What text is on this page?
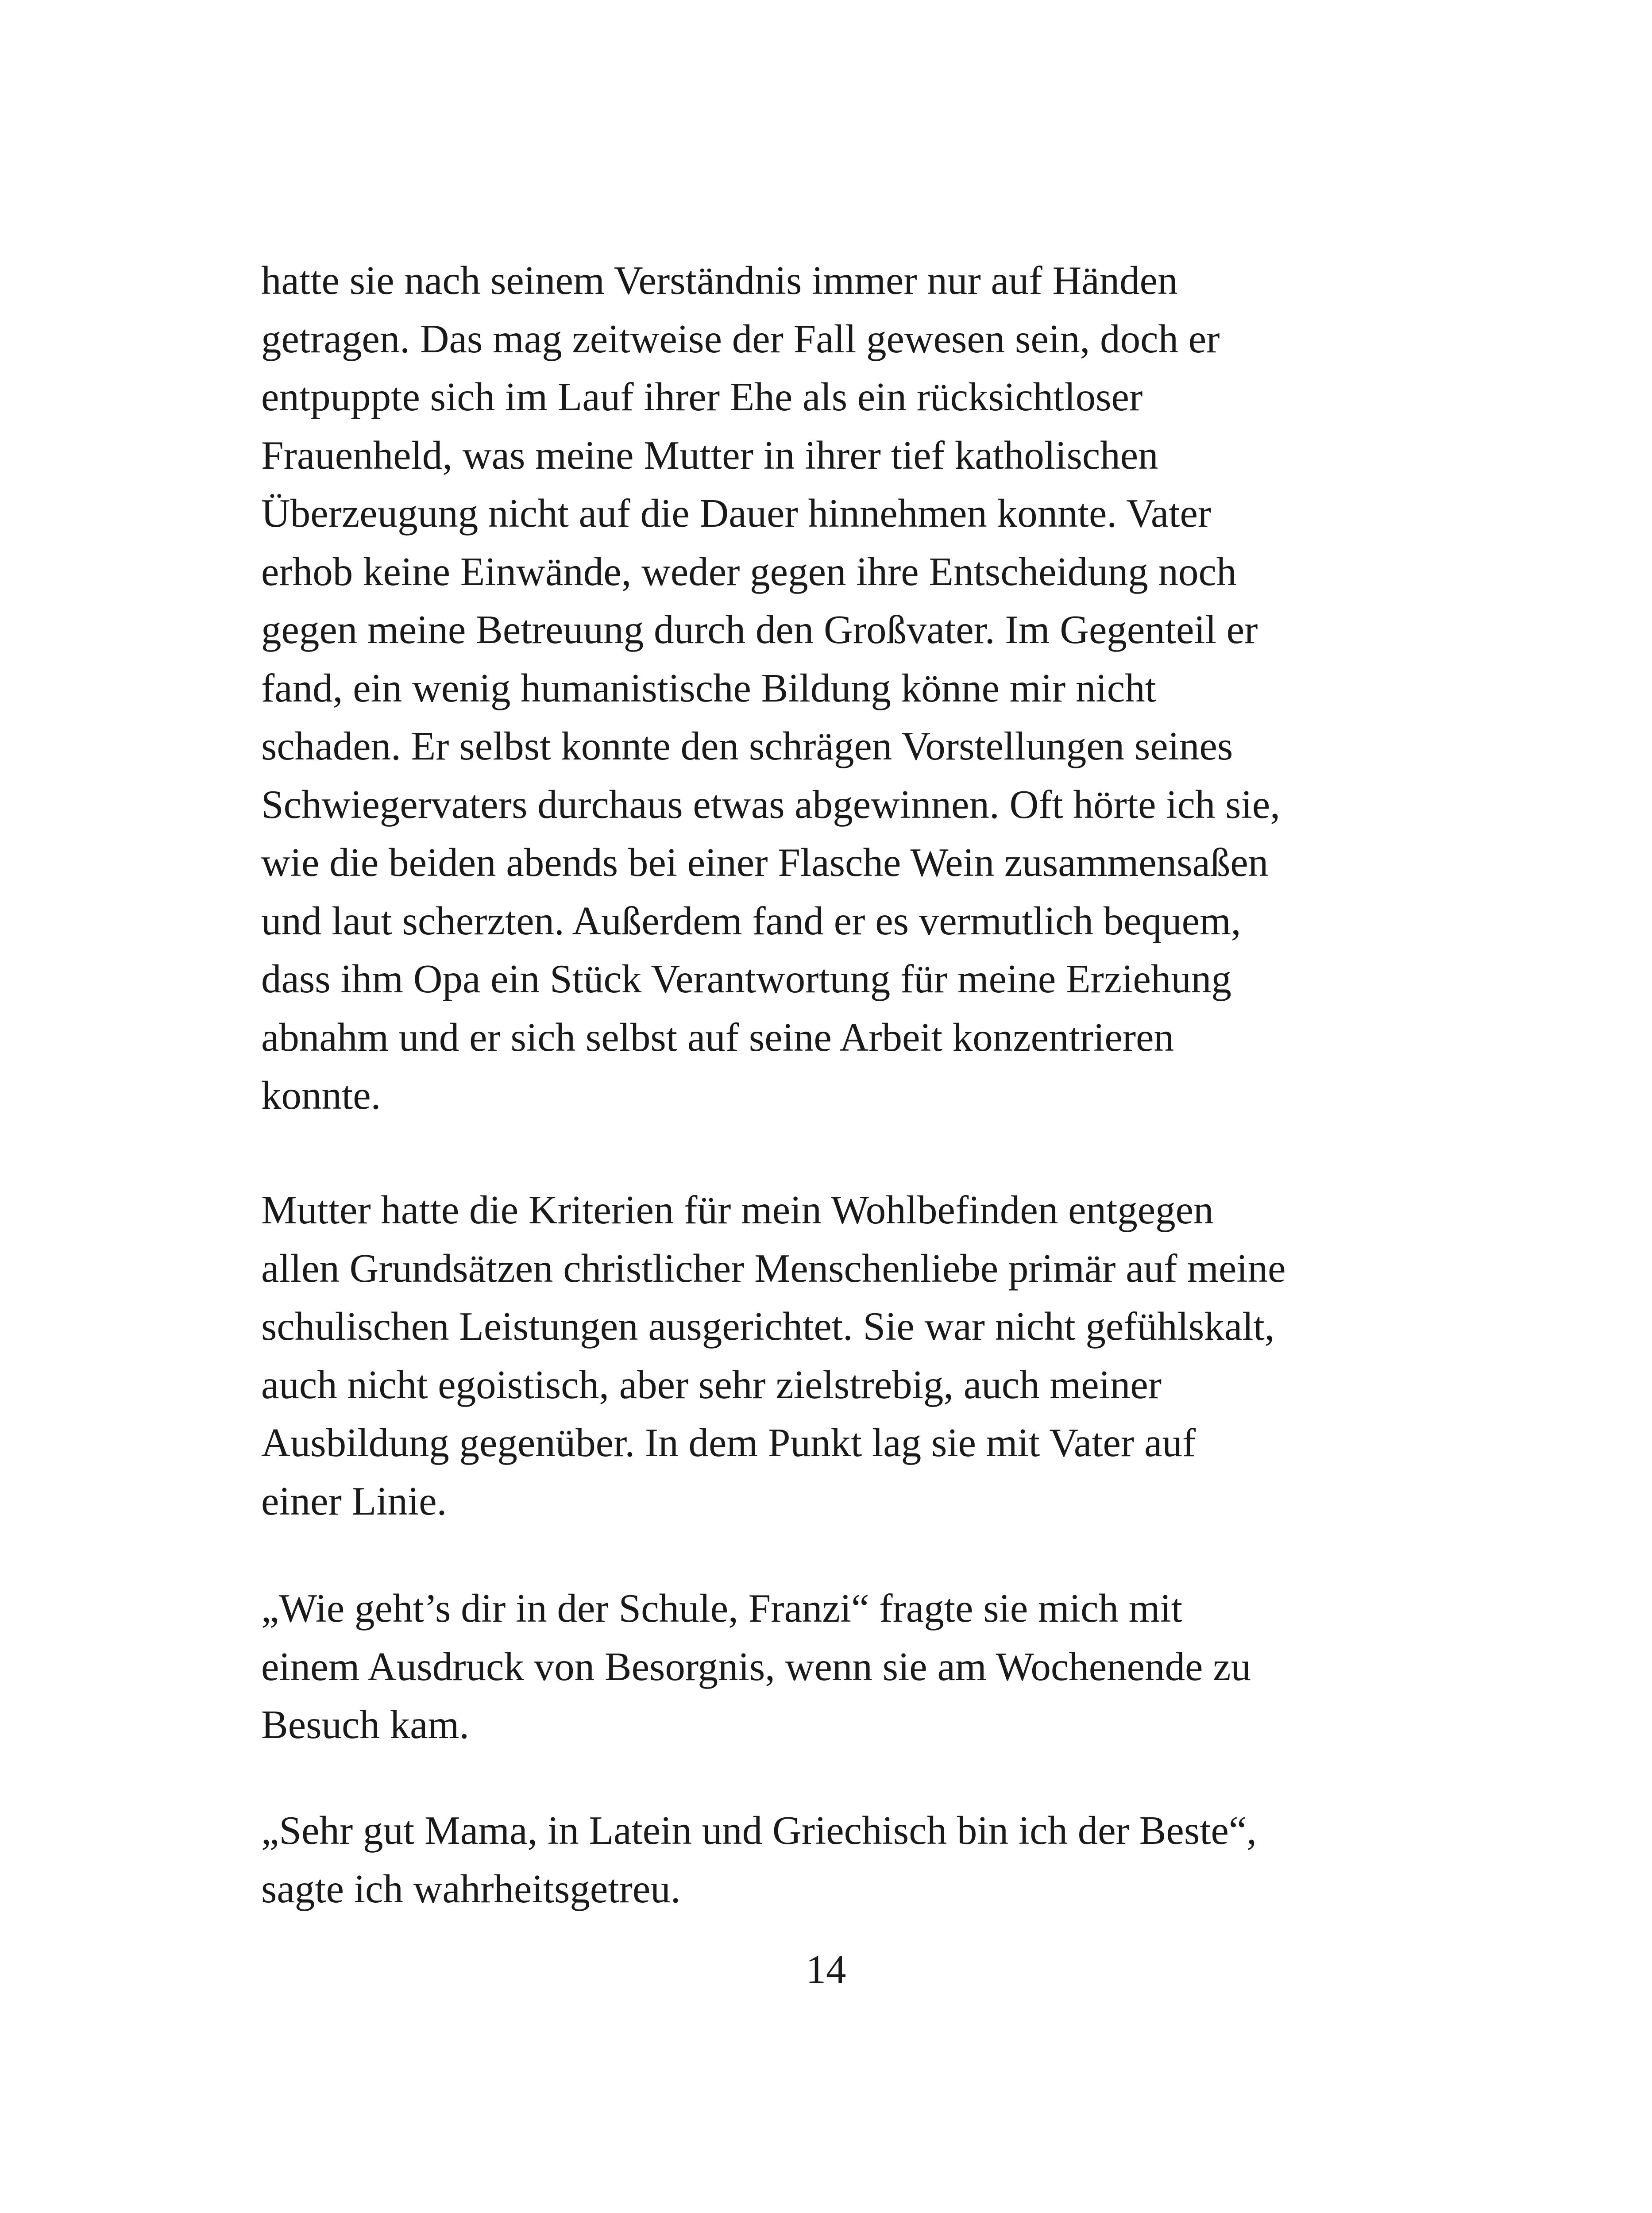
hatte sie nach seinem Verständnis immer nur auf Händen
getragen. Das mag zeitweise der Fall gewesen sein, doch er
entpuppte sich im Lauf ihrer Ehe als ein rücksichtloser
Frauenheld, was meine Mutter in ihrer tief katholischen
Überzeugung nicht auf die Dauer hinnehmen konnte. Vater
erhob keine Einwände, weder gegen ihre Entscheidung noch
gegen meine Betreuung durch den Großvater. Im Gegenteil er
fand, ein wenig humanistische Bildung könne mir nicht
schaden. Er selbst konnte den schrägen Vorstellungen seines
Schwiegervaters durchaus etwas abgewinnen. Oft hörte ich sie,
wie die beiden abends bei einer Flasche Wein zusammensaßen
und laut scherzten. Außerdem fand er es vermutlich bequem,
dass ihm Opa ein Stück Verantwortung für meine Erziehung
abnahm und er sich selbst auf seine Arbeit konzentrieren
konnte.
Mutter hatte die Kriterien für mein Wohlbefinden entgegen
allen Grundsätzen christlicher Menschenliebe primär auf meine
schulischen Leistungen ausgerichtet. Sie war nicht gefühlskalt,
auch nicht egoistisch, aber sehr zielstrebig, auch meiner
Ausbildung gegenüber. In dem Punkt lag sie mit Vater auf
einer Linie.
„Wie geht’s dir in der Schule, Franzi“ fragte sie mich mit
einem Ausdruck von Besorgnis, wenn sie am Wochenende zu
Besuch kam.
„Sehr gut Mama, in Latein und Griechisch bin ich der Beste“,
sagte ich wahrheitsgetreu.
14
